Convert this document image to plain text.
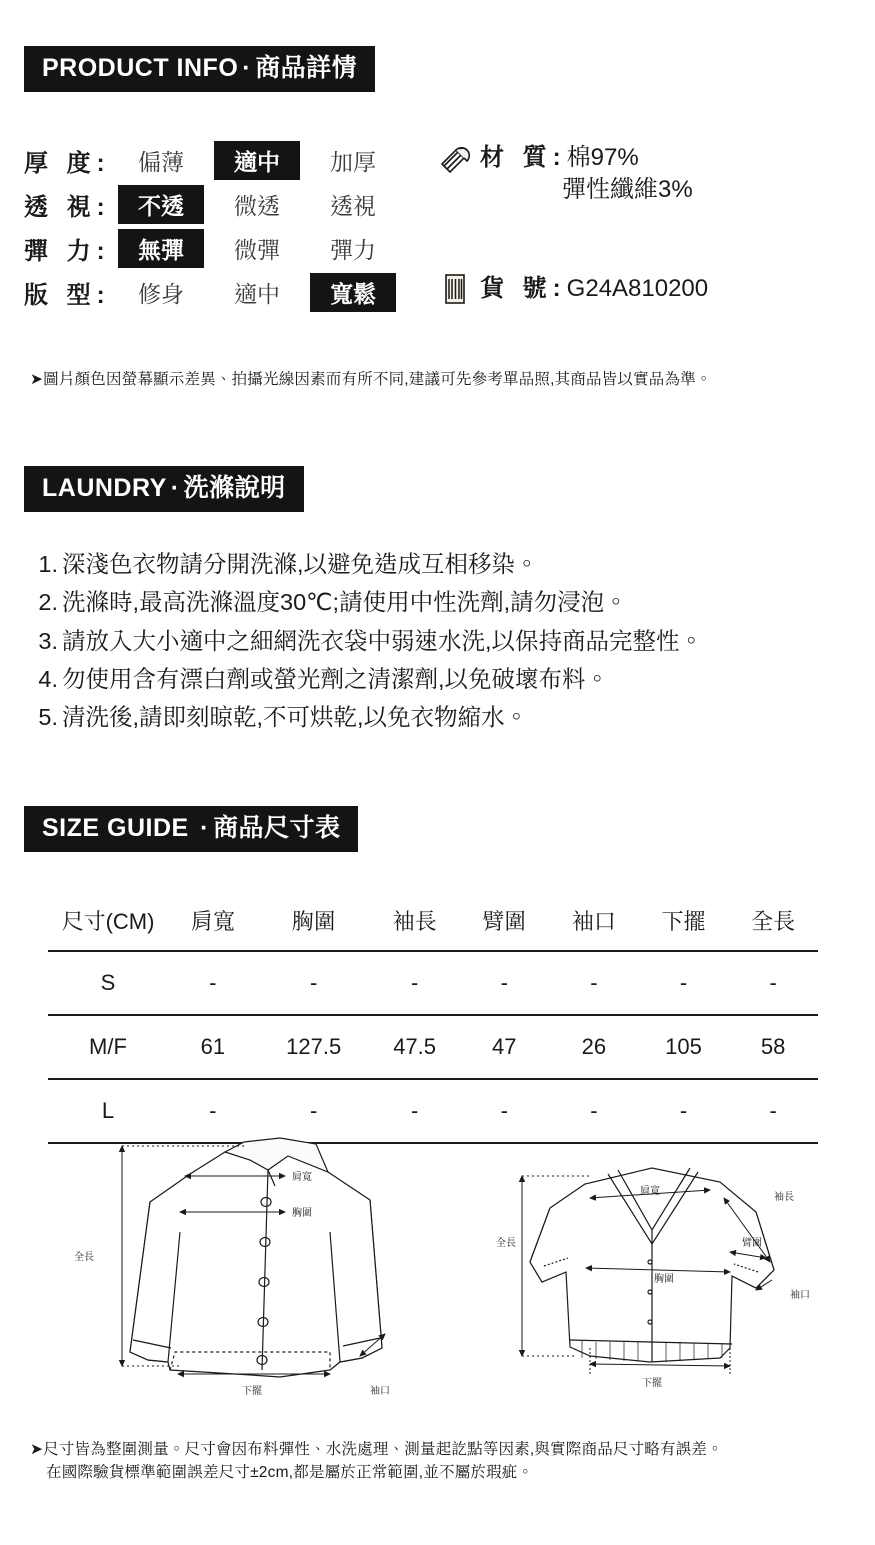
PRODUCT INFO · 商品詳情
厚 度:	偏薄	適中	加厚
透 視:	不透	微透	透視
彈 力:	無彈	微彈	彈力
版 型:	修身	適中	寬鬆
材 質:棉97%
彈性纖維3%
貨 號:G24A810200
➤圖片顏色因螢幕顯示差異、拍攝光線因素而有所不同,建議可先參考單品照,其商品皆以實品為準。
LAUNDRY · 洗滌說明
1. 深淺色衣物請分開洗滌,以避免造成互相移染。
2. 洗滌時,最高洗滌溫度30℃;請使用中性洗劑,請勿浸泡。
3. 請放入大小適中之細網洗衣袋中弱速水洗,以保持商品完整性。
4. 勿使用含有漂白劑或螢光劑之清潔劑,以免破壞布料。
5. 清洗後,請即刻晾乾,不可烘乾,以免衣物縮水。
SIZE GUIDE · 商品尺寸表
尺寸(CM)	肩寬	胸圍	袖長	臂圍	袖口	下擺	全長
S	-	-	-	-	-	-	-
M/F	61	127.5	47.5	47	26	105	58
L	-	-	-	-	-	-	-
全長
肩寬
胸圍
下擺	袖口
全長
肩寬
胸圍
袖長
臂圍
袖口
下擺
➤尺寸皆為整圍測量。尺寸會因布料彈性、水洗處理、測量起訖點等因素,與實際商品尺寸略有誤差。
在國際驗貨標準範圍誤差尺寸±2cm,都是屬於正常範圍,並不屬於瑕疵。
